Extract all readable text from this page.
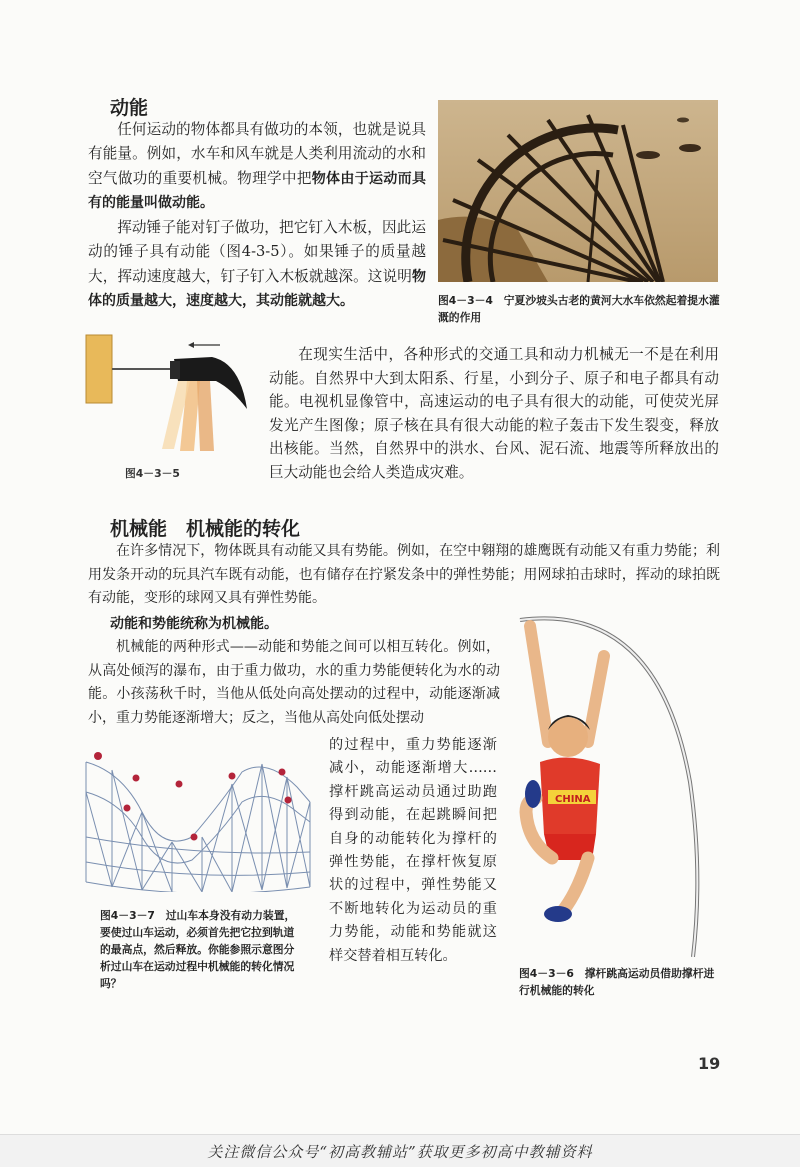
动能

任何运动的物体都具有做功的本领，也就是说具有能量。例如，水车和风车就是人类利用流动的水和空气做功的重要机械。物理学中把物体由于运动而具有的能量叫做动能。

挥动锤子能对钉子做功，把它钉入木板，因此运动的锤子具有动能（图4-3-5）。如果锤子的质量越大，挥动速度越大，钉子钉入木板就越深。这说明物体的质量越大，速度越大，其动能就越大。	图4－3－4　宁夏沙坡头古老的黄河大水车依然起着提水灌溉的作用
图4－3－5

在现实生活中，各种形式的交通工具和动力机械无一不是在利用动能。自然界中大到太阳系、行星，小到分子、原子和电子都具有动能。电视机显像管中，高速运动的电子具有很大的动能，可使荧光屏发光产生图像；原子核在具有很大动能的粒子轰击下发生裂变，释放出核能。当然，自然界中的洪水、台风、泥石流、地震等所释放出的巨大动能也会给人类造成灾难。

机械能　机械能的转化

在许多情况下，物体既具有动能又具有势能。例如，在空中翱翔的雄鹰既有动能又有重力势能；利用发条开动的玩具汽车既有动能，也有储存在拧紧发条中的弹性势能；用网球拍击球时，挥动的球拍既有动能，变形的球网又具有弹性势能。

动能和势能统称为机械能。

机械能的两种形式——动能和势能之间可以相互转化。例如，从高处倾泻的瀑布，由于重力做功，水的重力势能便转化为水的动能。小孩荡秋千时，当他从低处向高处摆动的过程中，动能逐渐减小，重力势能逐渐增大；反之，当他从高处向低处摆动

的过程中，重力势能逐渐减小，动能逐渐增大……撑杆跳高运动员通过助跑得到动能，在起跳瞬间把自身的动能转化为撑杆的弹性势能，在撑杆恢复原状的过程中，弹性势能又不断地转化为运动员的重力势能，动能和势能就这样交替着相互转化。
图4－3－7　过山车本身没有动力装置，要使过山车运动，必须首先把它拉到轨道的最高点，然后释放。你能参照示意图分析过山车在运动过程中机械能的转化情况吗？
CHINA
图4－3－6　撑杆跳高运动员借助撑杆进行机械能的转化
19
关注微信公众号“初高教辅站”获取更多初高中教辅资料
